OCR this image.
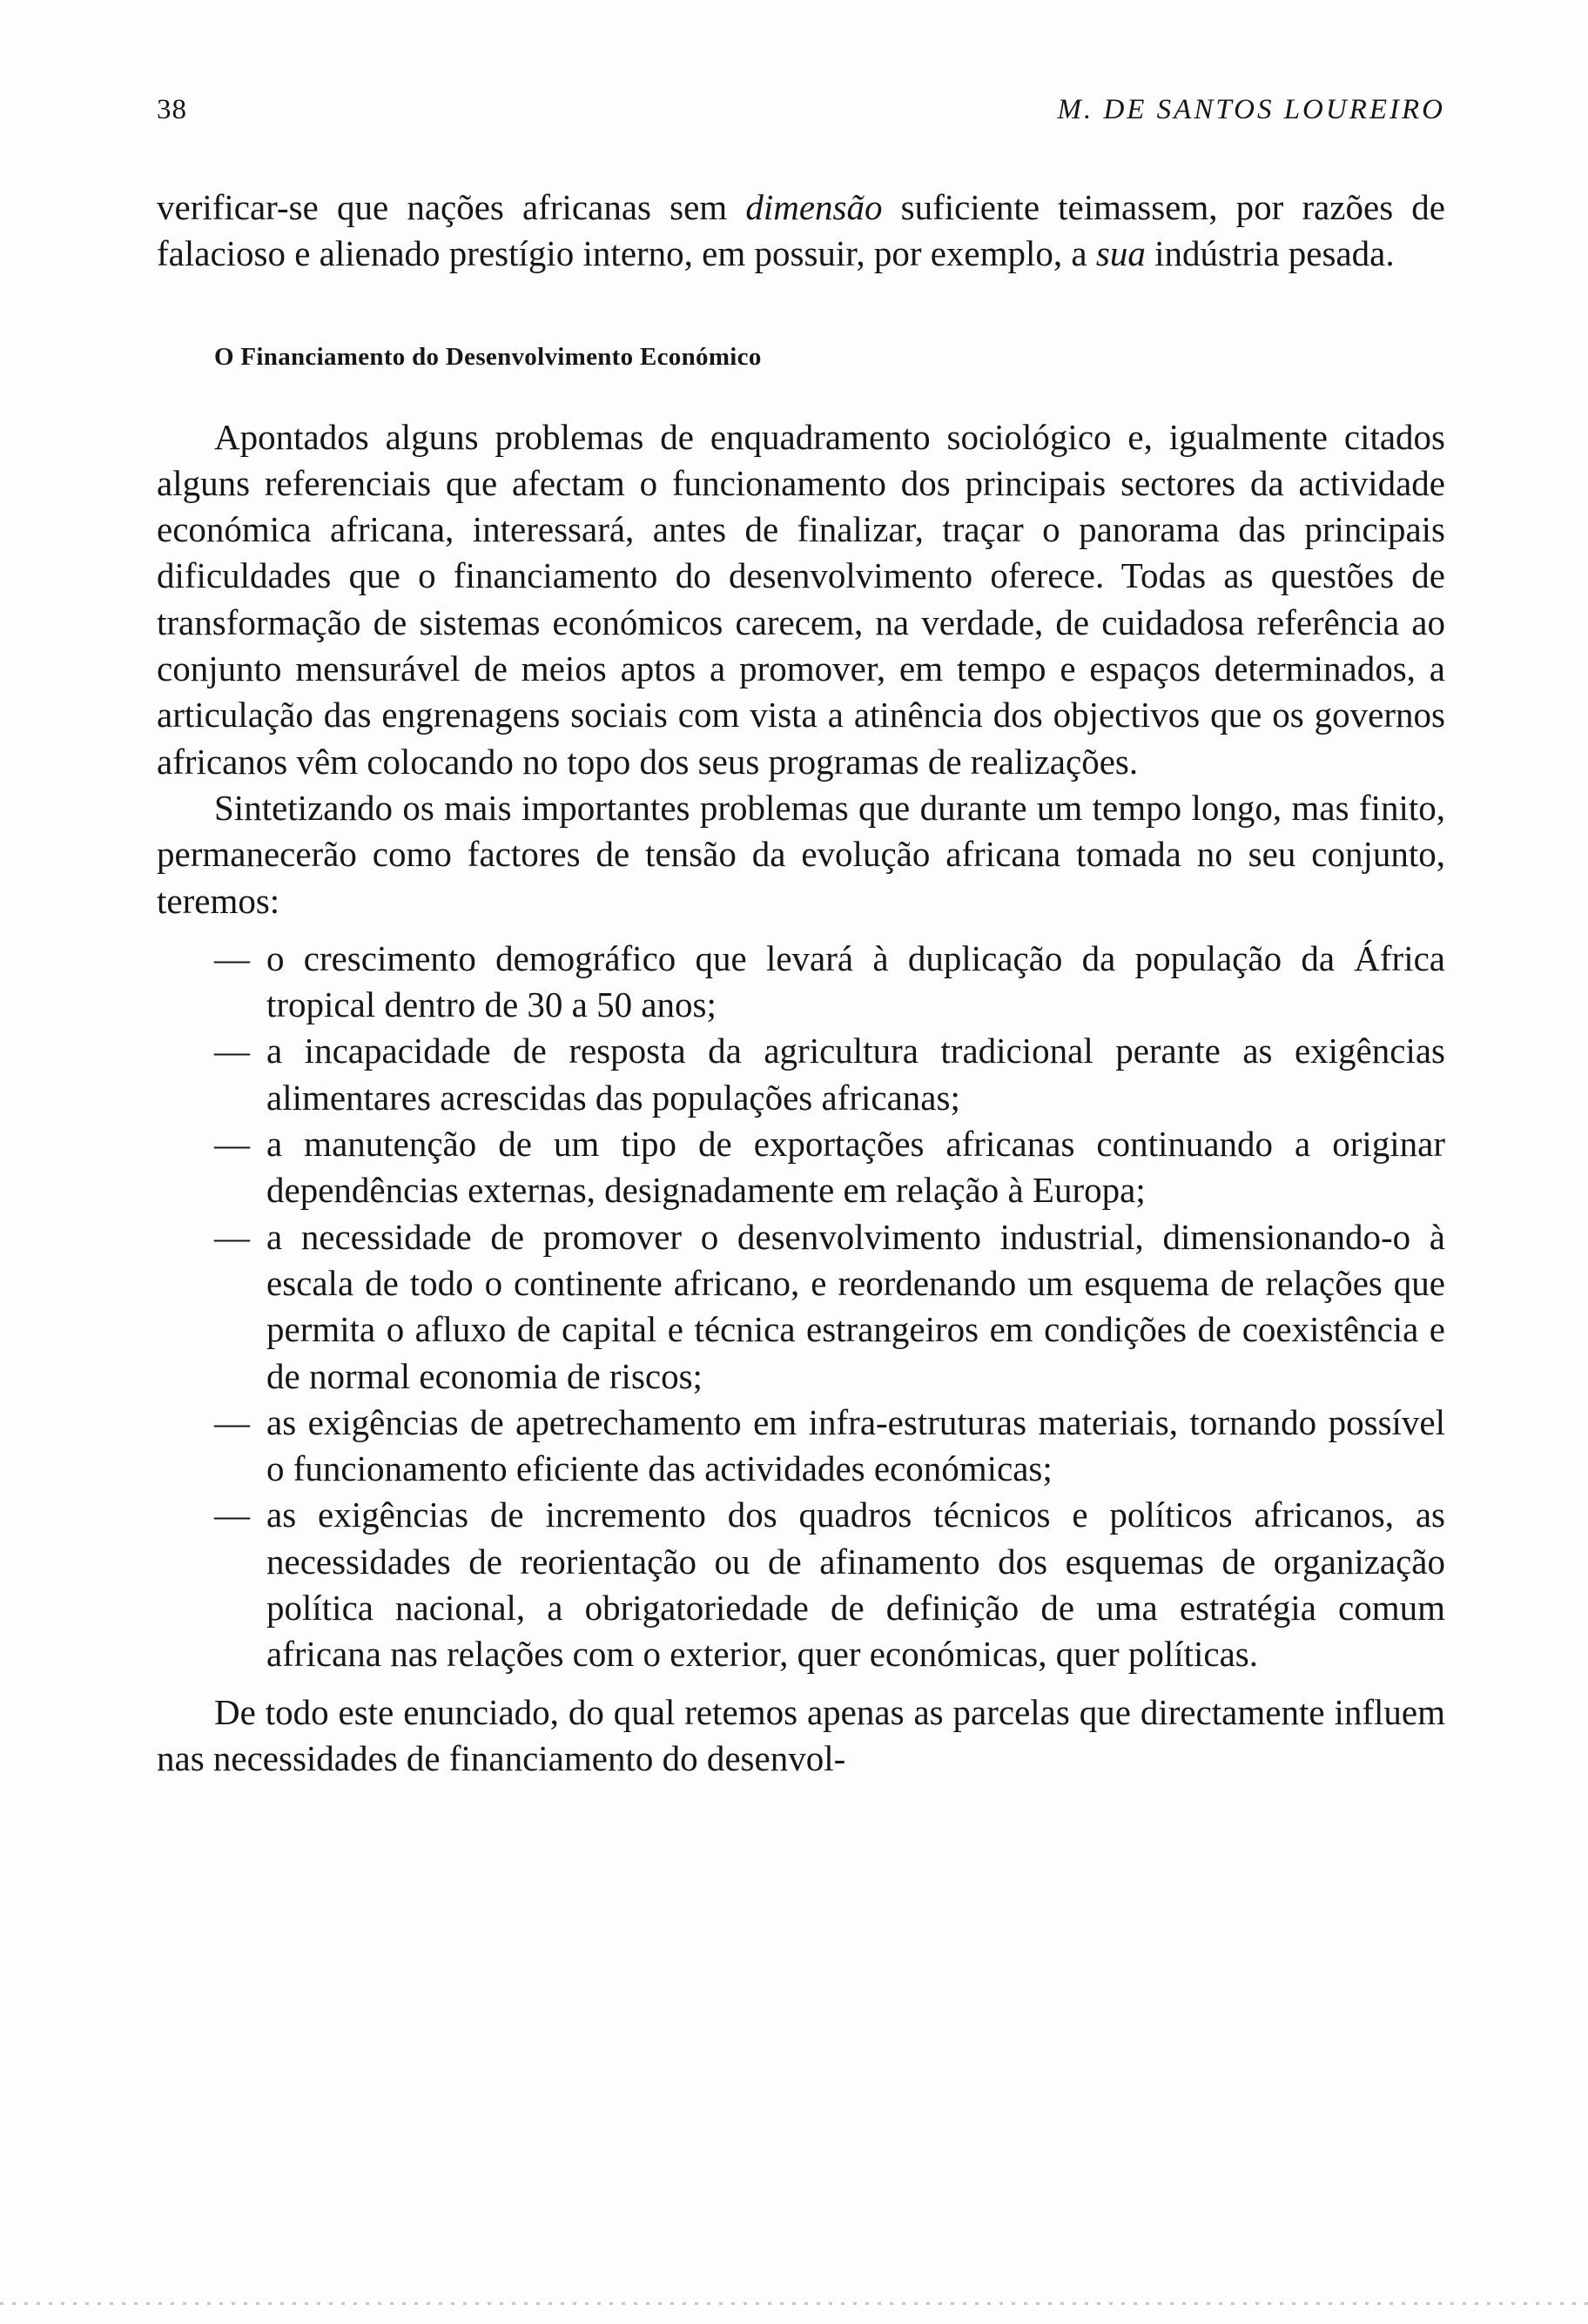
38	M. DE SANTOS LOUREIRO

verificar-se que nações africanas sem dimensão suficiente teimassem, por razões de falacioso e alienado prestígio interno, em possuir, por exemplo, a sua indústria pesada.

O Financiamento do Desenvolvimento Económico

Apontados alguns problemas de enquadramento sociológico e, igualmente citados alguns referenciais que afectam o funcionamento dos principais sectores da actividade económica africana, interessará, antes de finalizar, traçar o panorama das principais dificuldades que o financiamento do desenvolvimento oferece. Todas as questões de transformação de sistemas económicos carecem, na verdade, de cuidadosa referência ao conjunto mensurável de meios aptos a promover, em tempo e espaços determinados, a articulação das engrenagens sociais com vista a atinência dos objectivos que os governos africanos vêm colocando no topo dos seus programas de realizações.

Sintetizando os mais importantes problemas que durante um tempo longo, mas finito, permanecerão como factores de tensão da evolução africana tomada no seu conjunto, teremos:

— o crescimento demográfico que levará à duplicação da população da África tropical dentro de 30 a 50 anos;
— a incapacidade de resposta da agricultura tradicional perante as exigências alimentares acrescidas das populações africanas;
— a manutenção de um tipo de exportações africanas continuando a originar dependências externas, designadamente em relação à Europa;
— a necessidade de promover o desenvolvimento industrial, dimensionando-o à escala de todo o continente africano, e reordenando um esquema de relações que permita o afluxo de capital e técnica estrangeiros em condições de coexistência e de normal economia de riscos;
— as exigências de apetrechamento em infra-estruturas materiais, tornando possível o funcionamento eficiente das actividades económicas;
— as exigências de incremento dos quadros técnicos e políticos africanos, as necessidades de reorientação ou de afinamento dos esquemas de organização política nacional, a obrigatoriedade de definição de uma estratégia comum africana nas relações com o exterior, quer económicas, quer políticas.

De todo este enunciado, do qual retemos apenas as parcelas que directamente influem nas necessidades de financiamento do desenvol-
